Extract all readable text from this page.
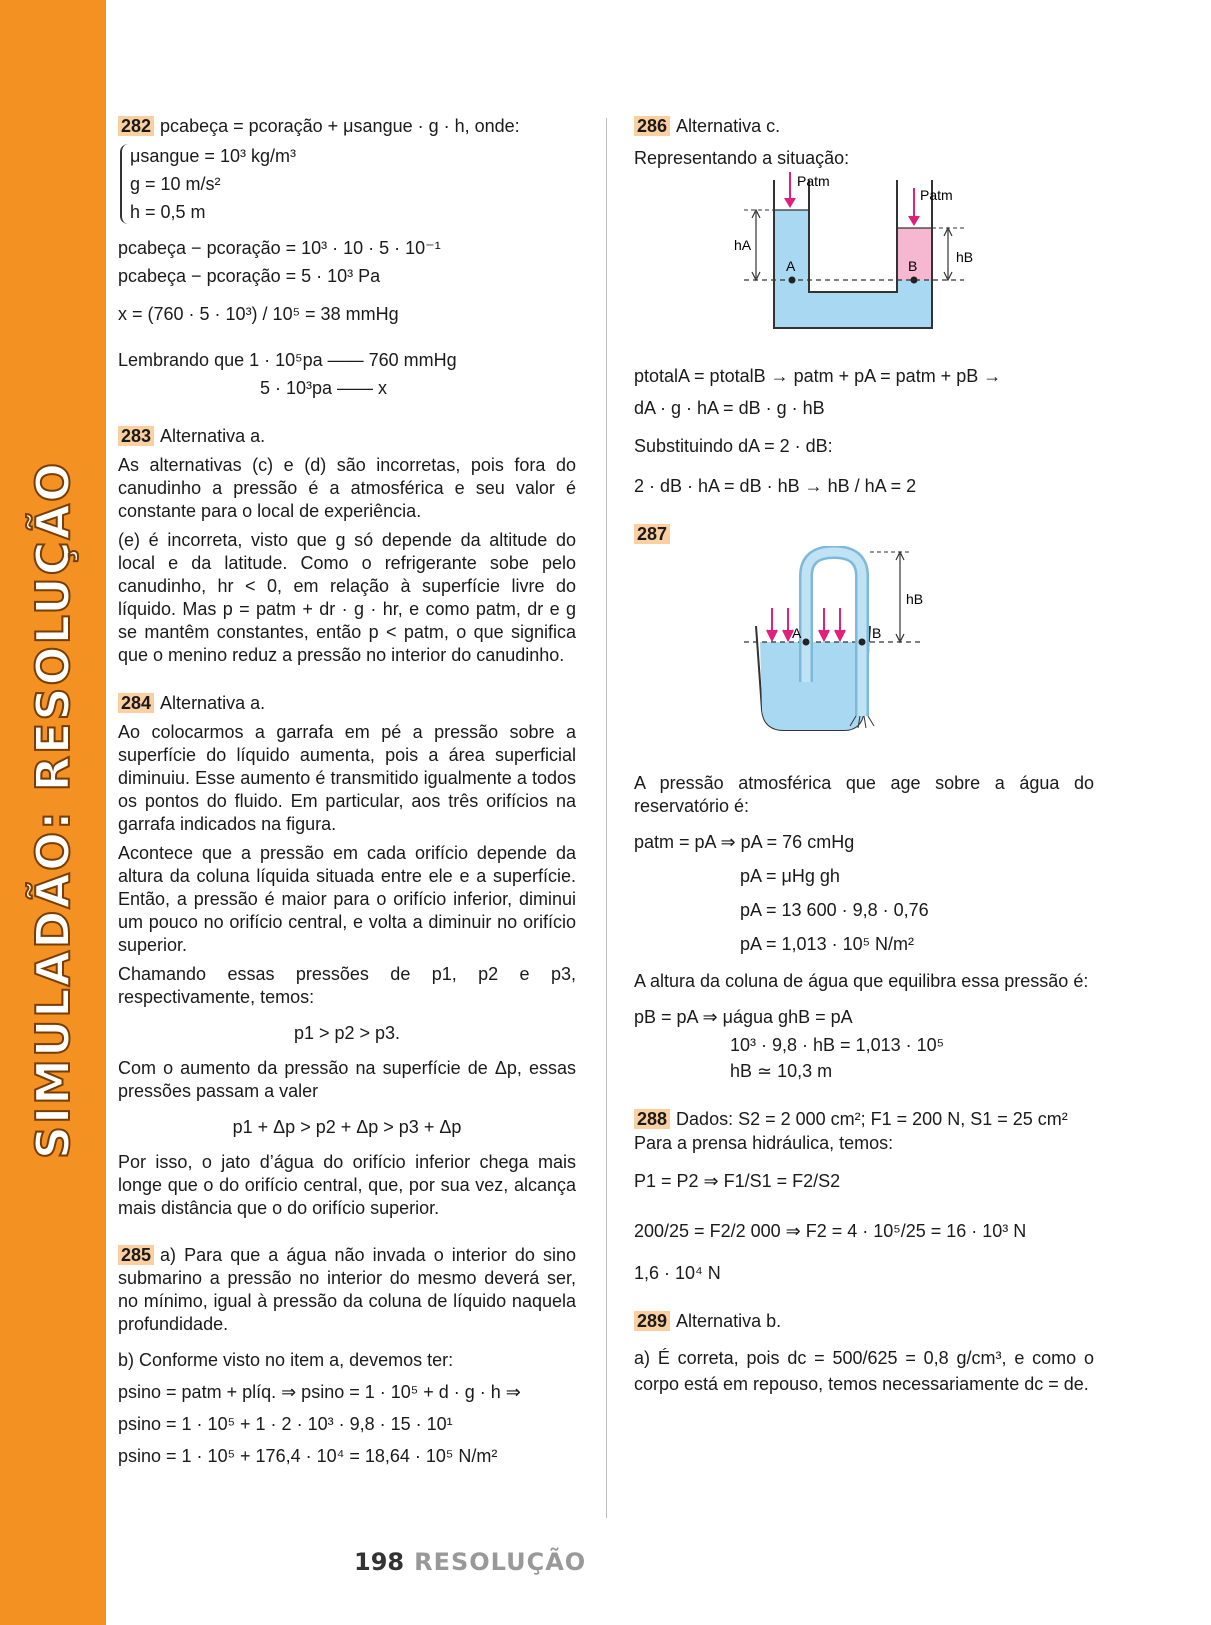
SIMULADÃO: RESOLUÇÃO

282 pcabeça = pcoração + μsangue · g · h, onde:

μsangue = 10³ kg/m³

g = 10 m/s²

h = 0,5 m

pcabeça − pcoração = 10³ · 10 · 5 · 10⁻¹

pcabeça − pcoração = 5 · 10³ Pa

x = (760 · 5 · 10³) / 10⁵ = 38 mmHg

Lembrando que 1 · 10⁵pa —— 760 mmHg

5 · 10³pa —— x

283 Alternativa a.

As alternativas (c) e (d) são incorretas, pois fora do canudinho a pressão é a atmosférica e seu valor é constante para o local de experiência.

(e) é incorreta, visto que g só depende da altitude do local e da latitude. Como o refrigerante sobe pelo canudinho, hr < 0, em relação à superfície livre do líquido. Mas p = patm + dr · g · hr, e como patm, dr e g se mantêm constantes, então p < patm, o que significa que o menino reduz a pressão no interior do canudinho.

284 Alternativa a.

Ao colocarmos a garrafa em pé a pressão sobre a superfície do líquido aumenta, pois a área superficial diminuiu. Esse aumento é transmitido igualmente a todos os pontos do fluido. Em particular, aos três orifícios na garrafa indicados na figura.

Acontece que a pressão em cada orifício depende da altura da coluna líquida situada entre ele e a superfície. Então, a pressão é maior para o orifício inferior, diminui um pouco no orifício central, e volta a diminuir no orifício superior.

Chamando essas pressões de p1, p2 e p3, respectivamente, temos:

p1 > p2 > p3.

Com o aumento da pressão na superfície de Δp, essas pressões passam a valer

p1 + Δp > p2 + Δp > p3 + Δp

Por isso, o jato d’água do orifício inferior chega mais longe que o do orifício central, que, por sua vez, alcança mais distância que o do orifício superior.

285 a) Para que a água não invada o interior do sino submarino a pressão no interior do mesmo deverá ser, no mínimo, igual à pressão da coluna de líquido naquela profundidade.

b) Conforme visto no item a, devemos ter:

psino = patm + plíq. ⇒ psino = 1 · 10⁵ + d · g · h ⇒

psino = 1 · 10⁵ + 1 · 2 · 10³ · 9,8 · 15 · 10¹

psino = 1 · 10⁵ + 176,4 · 10⁴ = 18,64 · 10⁵ N/m²

286 Alternativa c.

Representando a situação:

Patm
Patm
hA
hB
A	B

ptotalA = ptotalB → patm + pA = patm + pB →

dA · g · hA = dB · g · hB

Substituindo dA = 2 · dB:

2 · dB · hA = dB · hB → hB / hA = 2

287

hB
A	B

A pressão atmosférica que age sobre a água do reservatório é:

patm = pA ⇒ pA = 76 cmHg

pA = μHg gh

pA = 13 600 · 9,8 · 0,76

pA = 1,013 · 10⁵ N/m²

A altura da coluna de água que equilibra essa pressão é:

pB = pA ⇒ μágua ghB = pA

10³ · 9,8 · hB = 1,013 · 10⁵

hB ≃ 10,3 m

288 Dados: S2 = 2 000 cm²; F1 = 200 N, S1 = 25 cm²

Para a prensa hidráulica, temos:

P1 = P2 ⇒ F1/S1 = F2/S2

200/25 = F2/2 000 ⇒ F2 = 4 · 10⁵/25 = 16 · 10³ N

1,6 · 10⁴ N

289 Alternativa b.

a) É correta, pois dc = 500/625 = 0,8 g/cm³, e como o corpo está em repouso, temos necessariamente dc = de.

198 RESOLUÇÃO
